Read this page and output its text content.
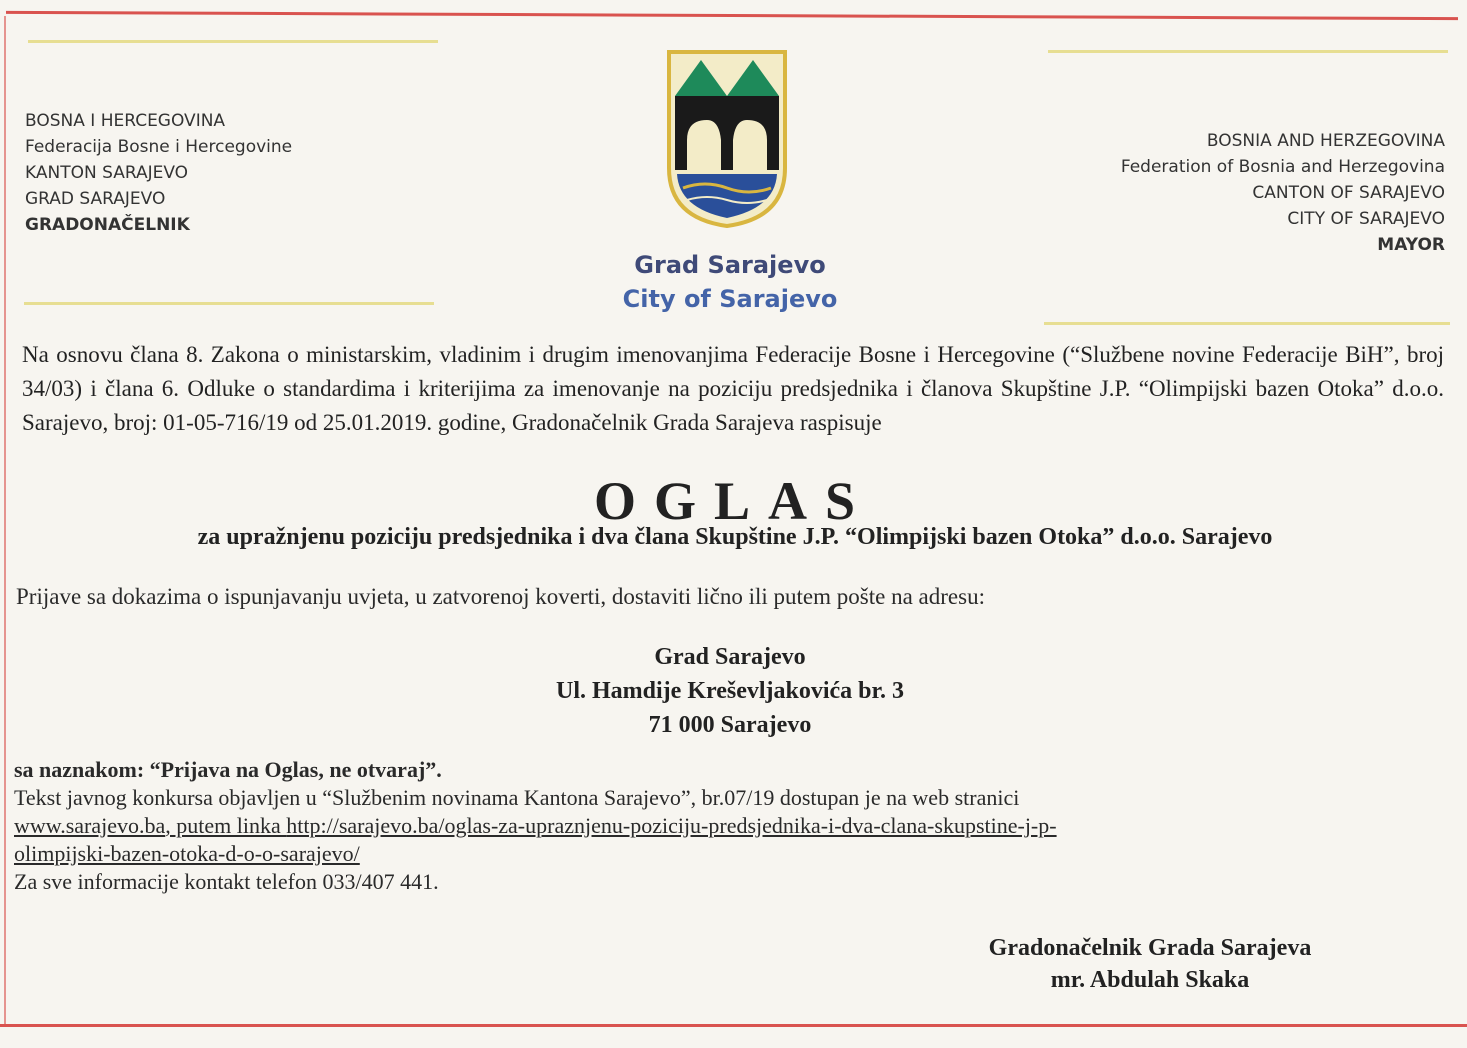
BOSNA I HERCEGOVINA
Federacija Bosne i Hercegovine
KANTON SARAJEVO
GRAD SARAJEVO
GRADONAČELNIK
BOSNIA AND HERZEGOVINA
Federation of Bosnia and Herzegovina
CANTON OF SARAJEVO
CITY OF SARAJEVO
MAYOR
Grad Sarajevo
City of Sarajevo
Na osnovu člana 8. Zakona o ministarskim, vladinim i drugim imenovanjima Federacije Bosne i Hercegovine (“Službene novine Federacije BiH”, broj 34/03) i člana 6. Odluke o standardima i kriterijima za imenovanje na poziciju predsjednika i članova Skupštine J.P. “Olimpijski bazen Otoka” d.o.o. Sarajevo, broj: 01-05-716/19 od 25.01.2019. godine, Gradonačelnik Grada Sarajeva raspisuje
OGLAS
za upražnjenu poziciju predsjednika i dva člana Skupštine J.P. “Olimpijski bazen Otoka” d.o.o. Sarajevo
Prijave sa dokazima o ispunjavanju uvjeta, u zatvorenoj koverti, dostaviti lično ili putem pošte na adresu:
Grad Sarajevo
Ul. Hamdije Kreševljakovića br. 3
71 000 Sarajevo
sa naznakom: “Prijava na Oglas, ne otvaraj”.
Tekst javnog konkursa objavljen u “Službenim novinama Kantona Sarajevo”, br.07/19 dostupan je na web stranici
www.sarajevo.ba, putem linka http://sarajevo.ba/oglas-za-upraznjenu-poziciju-predsjednika-i-dva-clana-skupstine-j-p-
olimpijski-bazen-otoka-d-o-o-sarajevo/
Za sve informacije kontakt telefon 033/407 441.
Gradonačelnik Grada Sarajeva
mr. Abdulah Skaka
